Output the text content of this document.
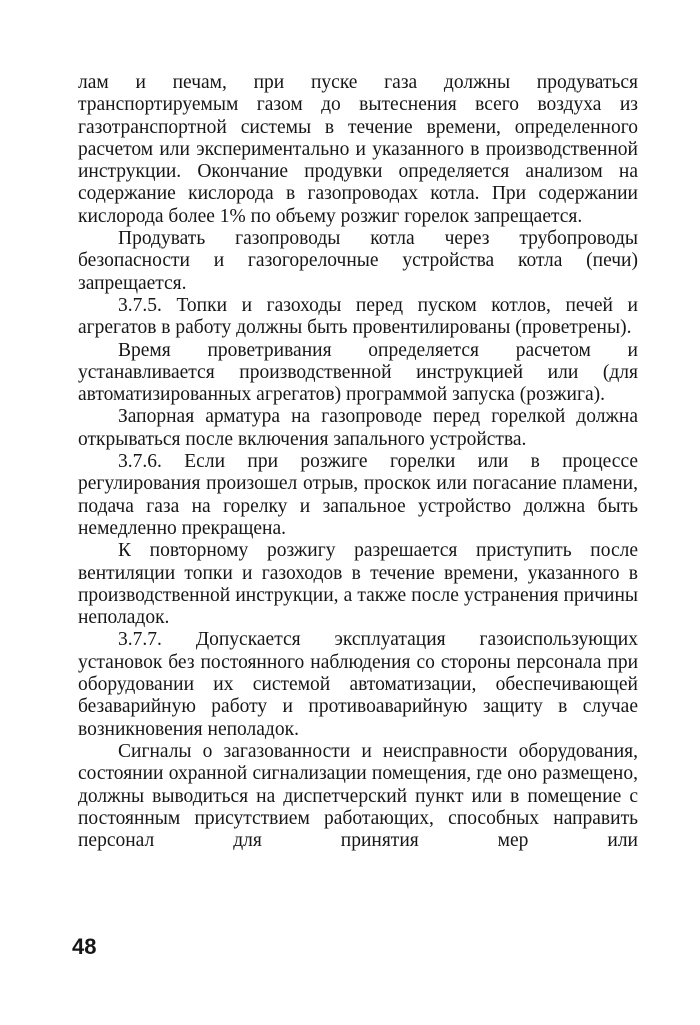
лам и печам, при пуске газа должны продуваться транспортируемым газом до вытеснения всего воздуха из газотранспортной системы в течение времени, определенного расчетом или экспериментально и указанного в производственной инструкции. Окончание продувки определяется анализом на содержание кислорода в газопроводах котла. При содержании кислорода более 1% по объему розжиг горелок запрещается.

Продувать газопроводы котла через трубопроводы безопасности и газогорелочные устройства котла (печи) запрещается.

3.7.5. Топки и газоходы перед пуском котлов, печей и агрегатов в работу должны быть провентилированы (проветрены).

Время проветривания определяется расчетом и устанавливается производственной инструкцией или (для автоматизированных агрегатов) программой запуска (розжига).

Запорная арматура на газопроводе перед горелкой должна открываться после включения запального устройства.

3.7.6. Если при розжиге горелки или в процессе регулирования произошел отрыв, проскок или погасание пламени, подача газа на горелку и запальное устройство должна быть немедленно прекращена.

К повторному розжигу разрешается приступить после вентиляции топки и газоходов в течение времени, указанного в производственной инструкции, а также после устранения причины неполадок.

3.7.7. Допускается эксплуатация газоиспользующих установок без постоянного наблюдения со стороны персонала при оборудовании их системой автоматизации, обеспечивающей безаварийную работу и противоаварийную защиту в случае возникновения неполадок.

Сигналы о загазованности и неисправности оборудования, состоянии охранной сигнализации помещения, где оно размещено, должны выводиться на диспетчерский пункт или в помещение с постоянным присутствием работающих, способных направить персонал для принятия мер или

48
